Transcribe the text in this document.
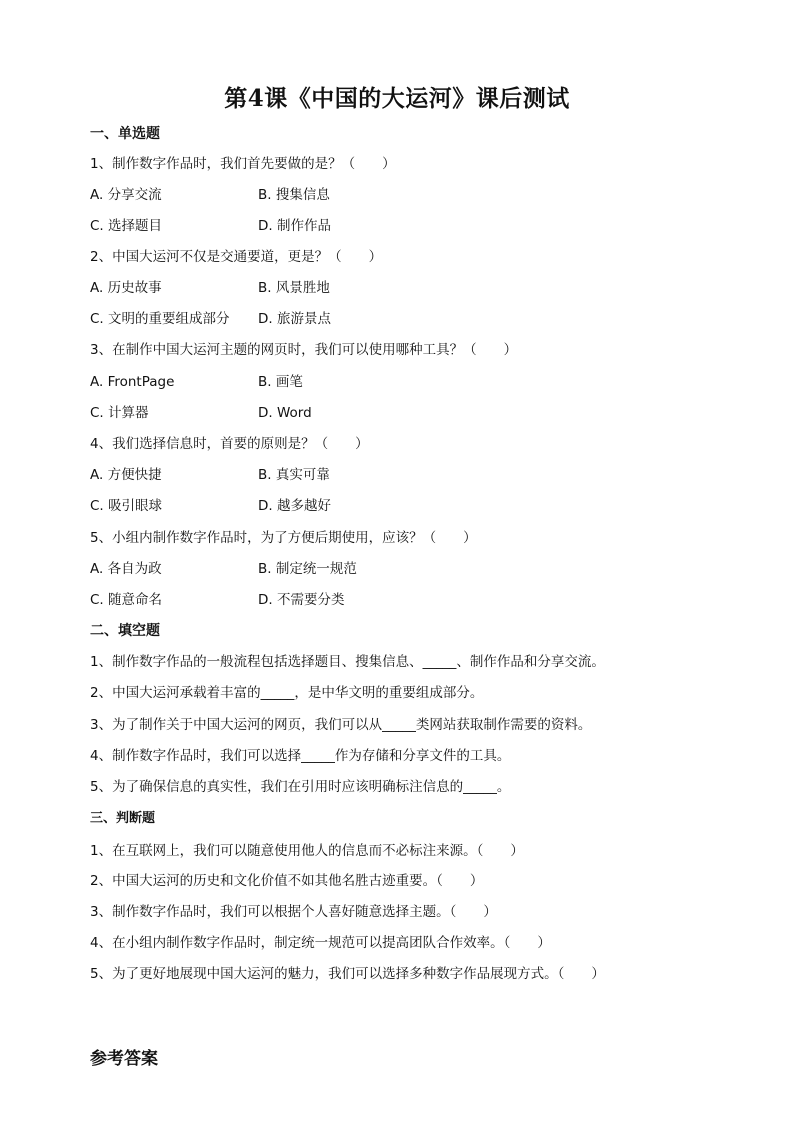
第4课《中国的大运河》课后测试
一、单选题
1、制作数字作品时，我们首先要做的是？（　　）
A. 分享交流	B. 搜集信息
C. 选择题目	D. 制作作品
2、中国大运河不仅是交通要道，更是？（　　）
A. 历史故事	B. 风景胜地
C. 文明的重要组成部分 D. 旅游景点
3、在制作中国大运河主题的网页时，我们可以使用哪种工具？（　　）
A. FrontPage	B. 画笔
C. 计算器	D. Word
4、我们选择信息时，首要的原则是？（　　）
A. 方便快捷	B. 真实可靠
C. 吸引眼球	D. 越多越好
5、小组内制作数字作品时，为了方便后期使用，应该？（　　）
A. 各自为政	B. 制定统一规范
C. 随意命名	D. 不需要分类
二、填空题
1、制作数字作品的一般流程包括选择题目、搜集信息、_____、制作作品和分享交流。
2、中国大运河承载着丰富的_____，是中华文明的重要组成部分。
3、为了制作关于中国大运河的网页，我们可以从_____类网站获取制作需要的资料。
4、制作数字作品时，我们可以选择_____作为存储和分享文件的工具。
5、为了确保信息的真实性，我们在引用时应该明确标注信息的_____。
三、判断题
1、在互联网上，我们可以随意使用他人的信息而不必标注来源。（　　）
2、中国大运河的历史和文化价值不如其他名胜古迹重要。（　　）
3、制作数字作品时，我们可以根据个人喜好随意选择主题。（　　）
4、在小组内制作数字作品时，制定统一规范可以提高团队合作效率。（　　）
5、为了更好地展现中国大运河的魅力，我们可以选择多种数字作品展现方式。（　　）
参考答案
